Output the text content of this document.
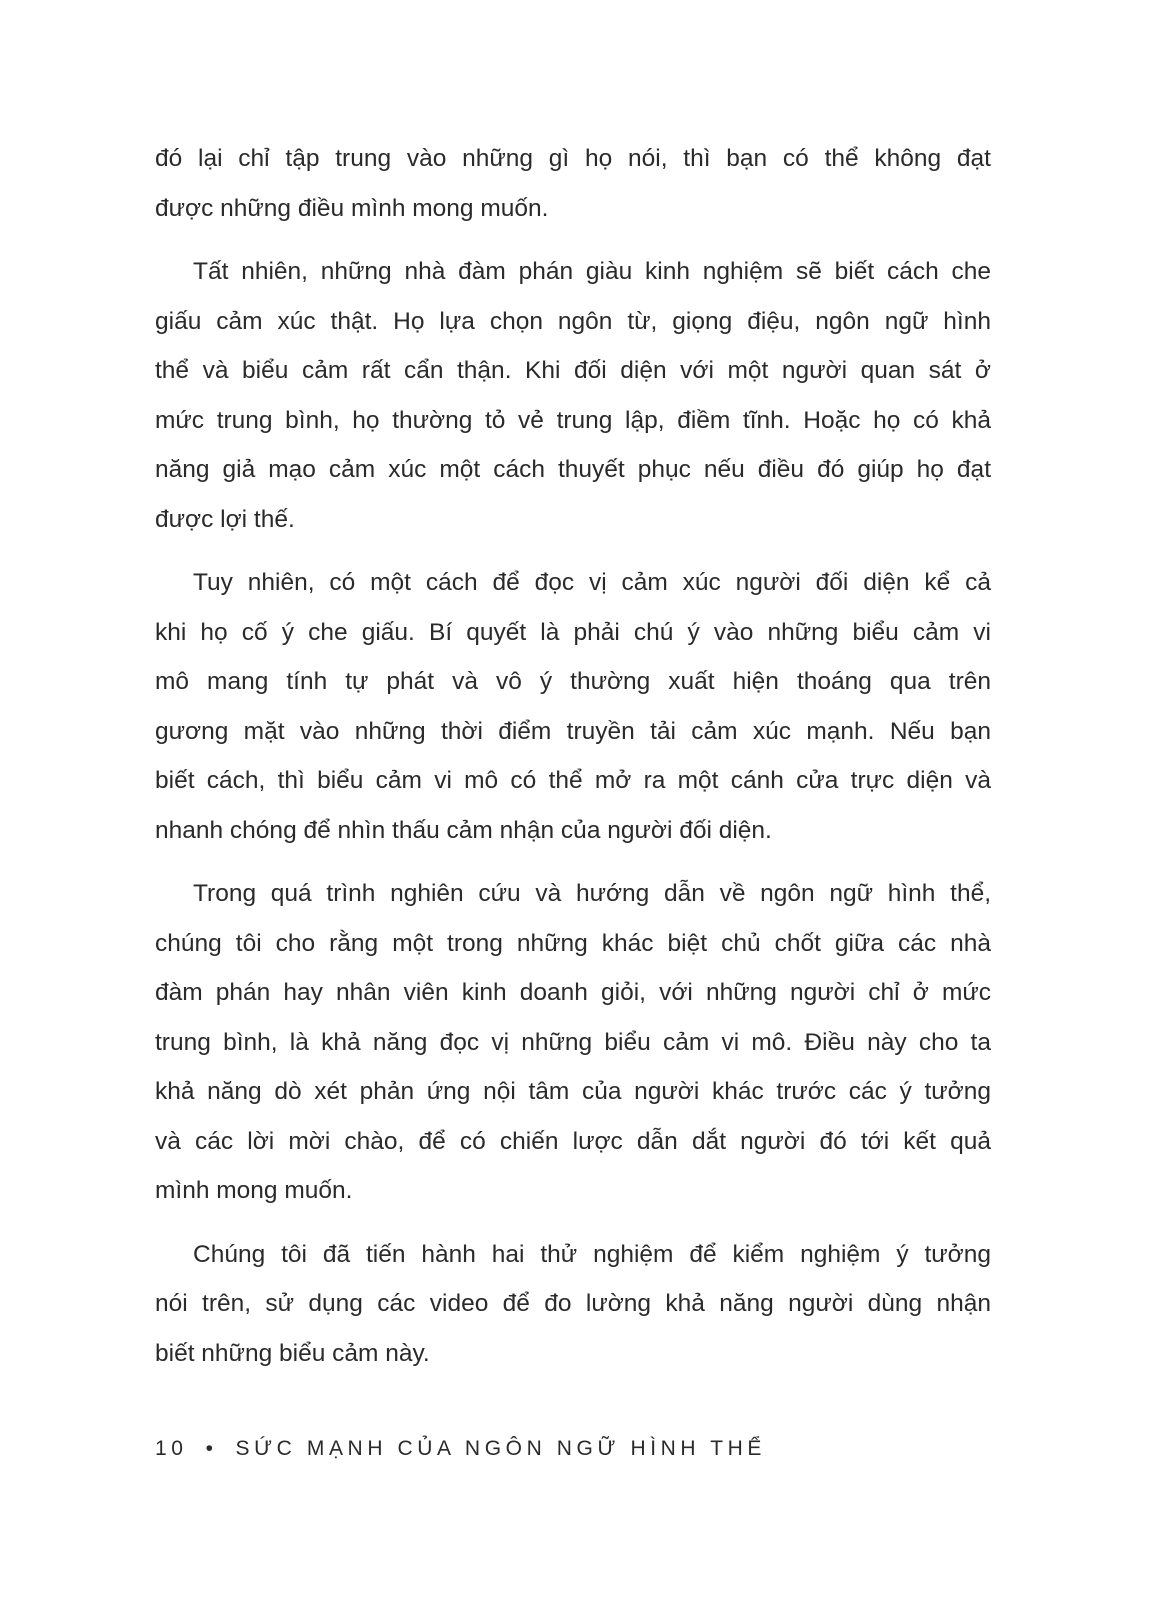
đó lại chỉ tập trung vào những gì họ nói, thì bạn có thể không đạt
được những điều mình mong muốn.
Tất nhiên, những nhà đàm phán giàu kinh nghiệm sẽ biết cách che
giấu cảm xúc thật. Họ lựa chọn ngôn từ, giọng điệu, ngôn ngữ hình
thể và biểu cảm rất cẩn thận. Khi đối diện với một người quan sát ở
mức trung bình, họ thường tỏ vẻ trung lập, điềm tĩnh. Hoặc họ có khả
năng giả mạo cảm xúc một cách thuyết phục nếu điều đó giúp họ đạt
được lợi thế.
Tuy nhiên, có một cách để đọc vị cảm xúc người đối diện kể cả
khi họ cố ý che giấu. Bí quyết là phải chú ý vào những biểu cảm vi
mô mang tính tự phát và vô ý thường xuất hiện thoáng qua trên
gương mặt vào những thời điểm truyền tải cảm xúc mạnh. Nếu bạn
biết cách, thì biểu cảm vi mô có thể mở ra một cánh cửa trực diện và
nhanh chóng để nhìn thấu cảm nhận của người đối diện.
Trong quá trình nghiên cứu và hướng dẫn về ngôn ngữ hình thể,
chúng tôi cho rằng một trong những khác biệt chủ chốt giữa các nhà
đàm phán hay nhân viên kinh doanh giỏi, với những người chỉ ở mức
trung bình, là khả năng đọc vị những biểu cảm vi mô. Điều này cho ta
khả năng dò xét phản ứng nội tâm của người khác trước các ý tưởng
và các lời mời chào, để có chiến lược dẫn dắt người đó tới kết quả
mình mong muốn.
Chúng tôi đã tiến hành hai thử nghiệm để kiểm nghiệm ý tưởng
nói trên, sử dụng các video để đo lường khả năng người dùng nhận
biết những biểu cảm này.
10 • SỨC MẠNH CỦA NGÔN NGỮ HÌNH THỂ
